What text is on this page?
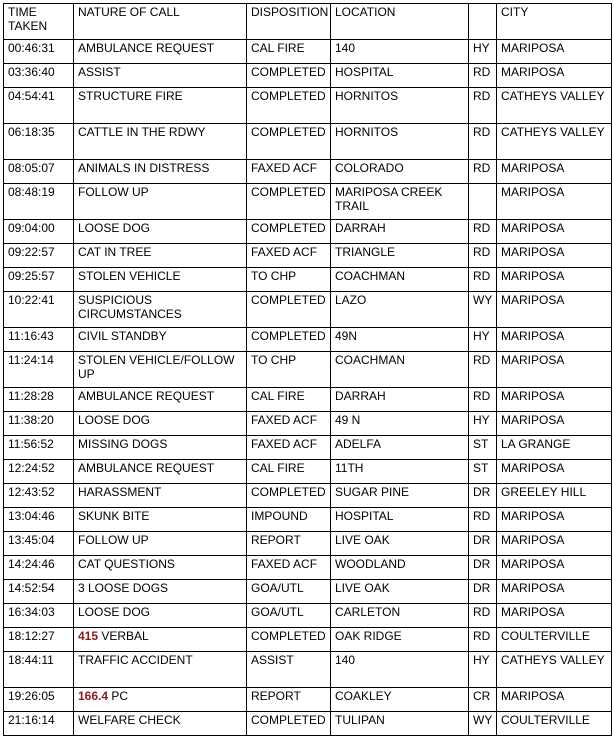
TIME TAKEN	NATURE OF CALL	DISPOSITION	LOCATION		CITY
00:46:31	AMBULANCE REQUEST	CAL FIRE	140	HY	MARIPOSA
03:36:40	ASSIST	COMPLETED	HOSPITAL	RD	MARIPOSA
04:54:41	STRUCTURE FIRE	COMPLETED	HORNITOS	RD	CATHEYS VALLEY
06:18:35	CATTLE IN THE RDWY	COMPLETED	HORNITOS	RD	CATHEYS VALLEY
08:05:07	ANIMALS IN DISTRESS	FAXED ACF	COLORADO	RD	MARIPOSA
08:48:19	FOLLOW UP	COMPLETED	MARIPOSA CREEK TRAIL		MARIPOSA
09:04:00	LOOSE DOG	COMPLETED	DARRAH	RD	MARIPOSA
09:22:57	CAT IN TREE	FAXED ACF	TRIANGLE	RD	MARIPOSA
09:25:57	STOLEN VEHICLE	TO CHP	COACHMAN	RD	MARIPOSA
10:22:41	SUSPICIOUS CIRCUMSTANCES	COMPLETED	LAZO	WY	MARIPOSA
11:16:43	CIVIL STANDBY	COMPLETED	49N	HY	MARIPOSA
11:24:14	STOLEN VEHICLE/FOLLOW UP	TO CHP	COACHMAN	RD	MARIPOSA
11:28:28	AMBULANCE REQUEST	CAL FIRE	DARRAH	RD	MARIPOSA
11:38:20	LOOSE DOG	FAXED ACF	49 N	HY	MARIPOSA
11:56:52	MISSING DOGS	FAXED ACF	ADELFA	ST	LA GRANGE
12:24:52	AMBULANCE REQUEST	CAL FIRE	11TH	ST	MARIPOSA
12:43:52	HARASSMENT	COMPLETED	SUGAR PINE	DR	GREELEY HILL
13:04:46	SKUNK BITE	IMPOUND	HOSPITAL	RD	MARIPOSA
13:45:04	FOLLOW UP	REPORT	LIVE OAK	DR	MARIPOSA
14:24:46	CAT QUESTIONS	FAXED ACF	WOODLAND	DR	MARIPOSA
14:52:54	3 LOOSE DOGS	GOA/UTL	LIVE OAK	DR	MARIPOSA
16:34:03	LOOSE DOG	GOA/UTL	CARLETON	RD	MARIPOSA
18:12:27	415 VERBAL	COMPLETED	OAK RIDGE	RD	COULTERVILLE
18:44:11	TRAFFIC ACCIDENT	ASSIST	140	HY	CATHEYS VALLEY
19:26:05	166.4 PC	REPORT	COAKLEY	CR	MARIPOSA
21:16:14	WELFARE CHECK	COMPLETED	TULIPAN	WY	COULTERVILLE
